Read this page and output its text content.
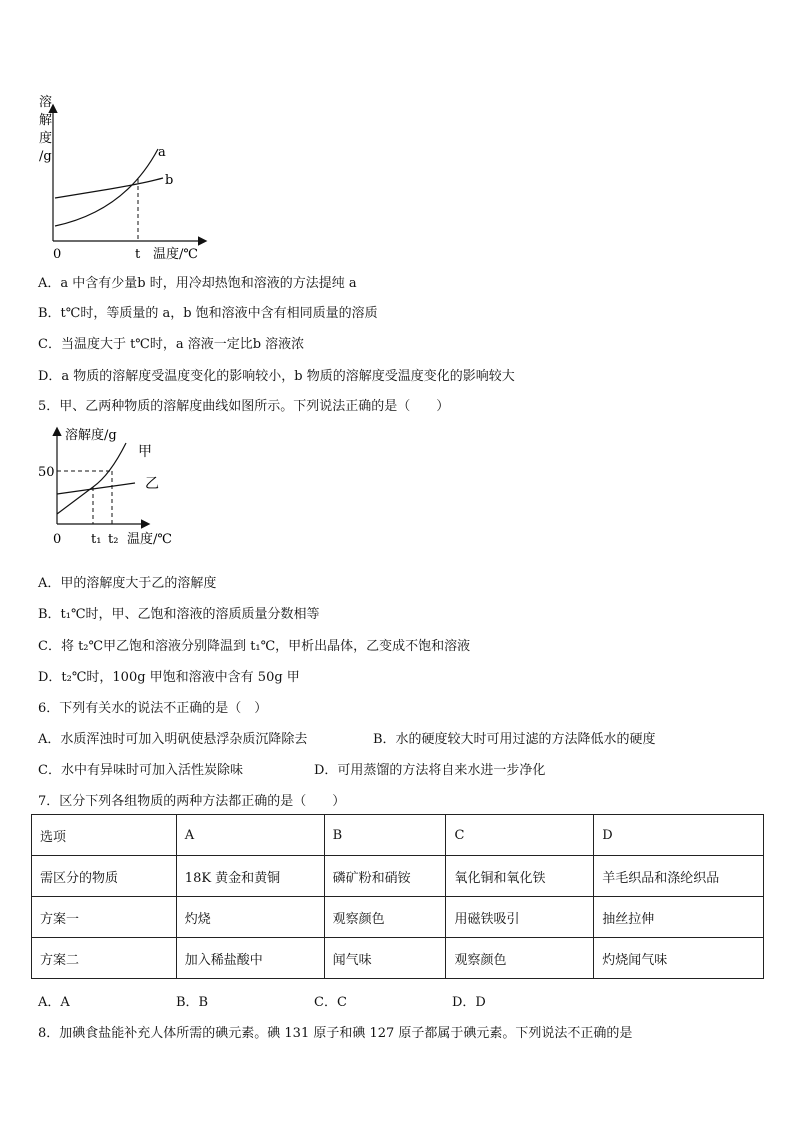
溶
解
度
/g	a
b
0	t 温度/℃
A．a 中含有少量b 时，用冷却热饱和溶液的方法提纯 a
B．t℃时，等质量的 a，b 饱和溶液中含有相同质量的溶质
C．当温度大于 t℃时，a 溶液一定比b 溶液浓
D．a 物质的溶解度受温度变化的影响较小，b 物质的溶解度受温度变化的影响较大
5．甲、乙两种物质的溶解度曲线如图所示。下列说法正确的是（　　）
溶解度/g
50
甲
乙
0 t₁ t₂ 温度/℃
A．甲的溶解度大于乙的溶解度
B．t₁℃时，甲、乙饱和溶液的溶质质量分数相等
C．将 t₂℃甲乙饱和溶液分别降温到 t₁℃，甲析出晶体，乙变成不饱和溶液
D．t₂℃时，100g 甲饱和溶液中含有 50g 甲
6．下列有关水的说法不正确的是（　）
A．水质浑浊时可加入明矾使悬浮杂质沉降除去	B．水的硬度较大时可用过滤的方法降低水的硬度
C．水中有异味时可加入活性炭除味	D．可用蒸馏的方法将自来水进一步净化
7．区分下列各组物质的两种方法都正确的是（　　）
选项	A	B	C	D
需区分的物质	18K 黄金和黄铜	磷矿粉和硝铵	氧化铜和氧化铁	羊毛织品和涤纶织品
方案一	灼烧	观察颜色	用磁铁吸引	抽丝拉伸
方案二	加入稀盐酸中	闻气味	观察颜色	灼烧闻气味
A．A	B．B	C．C	D．D
8．加碘食盐能补充人体所需的碘元素。碘 131 原子和碘 127 原子都属于碘元素。下列说法不正确的是
